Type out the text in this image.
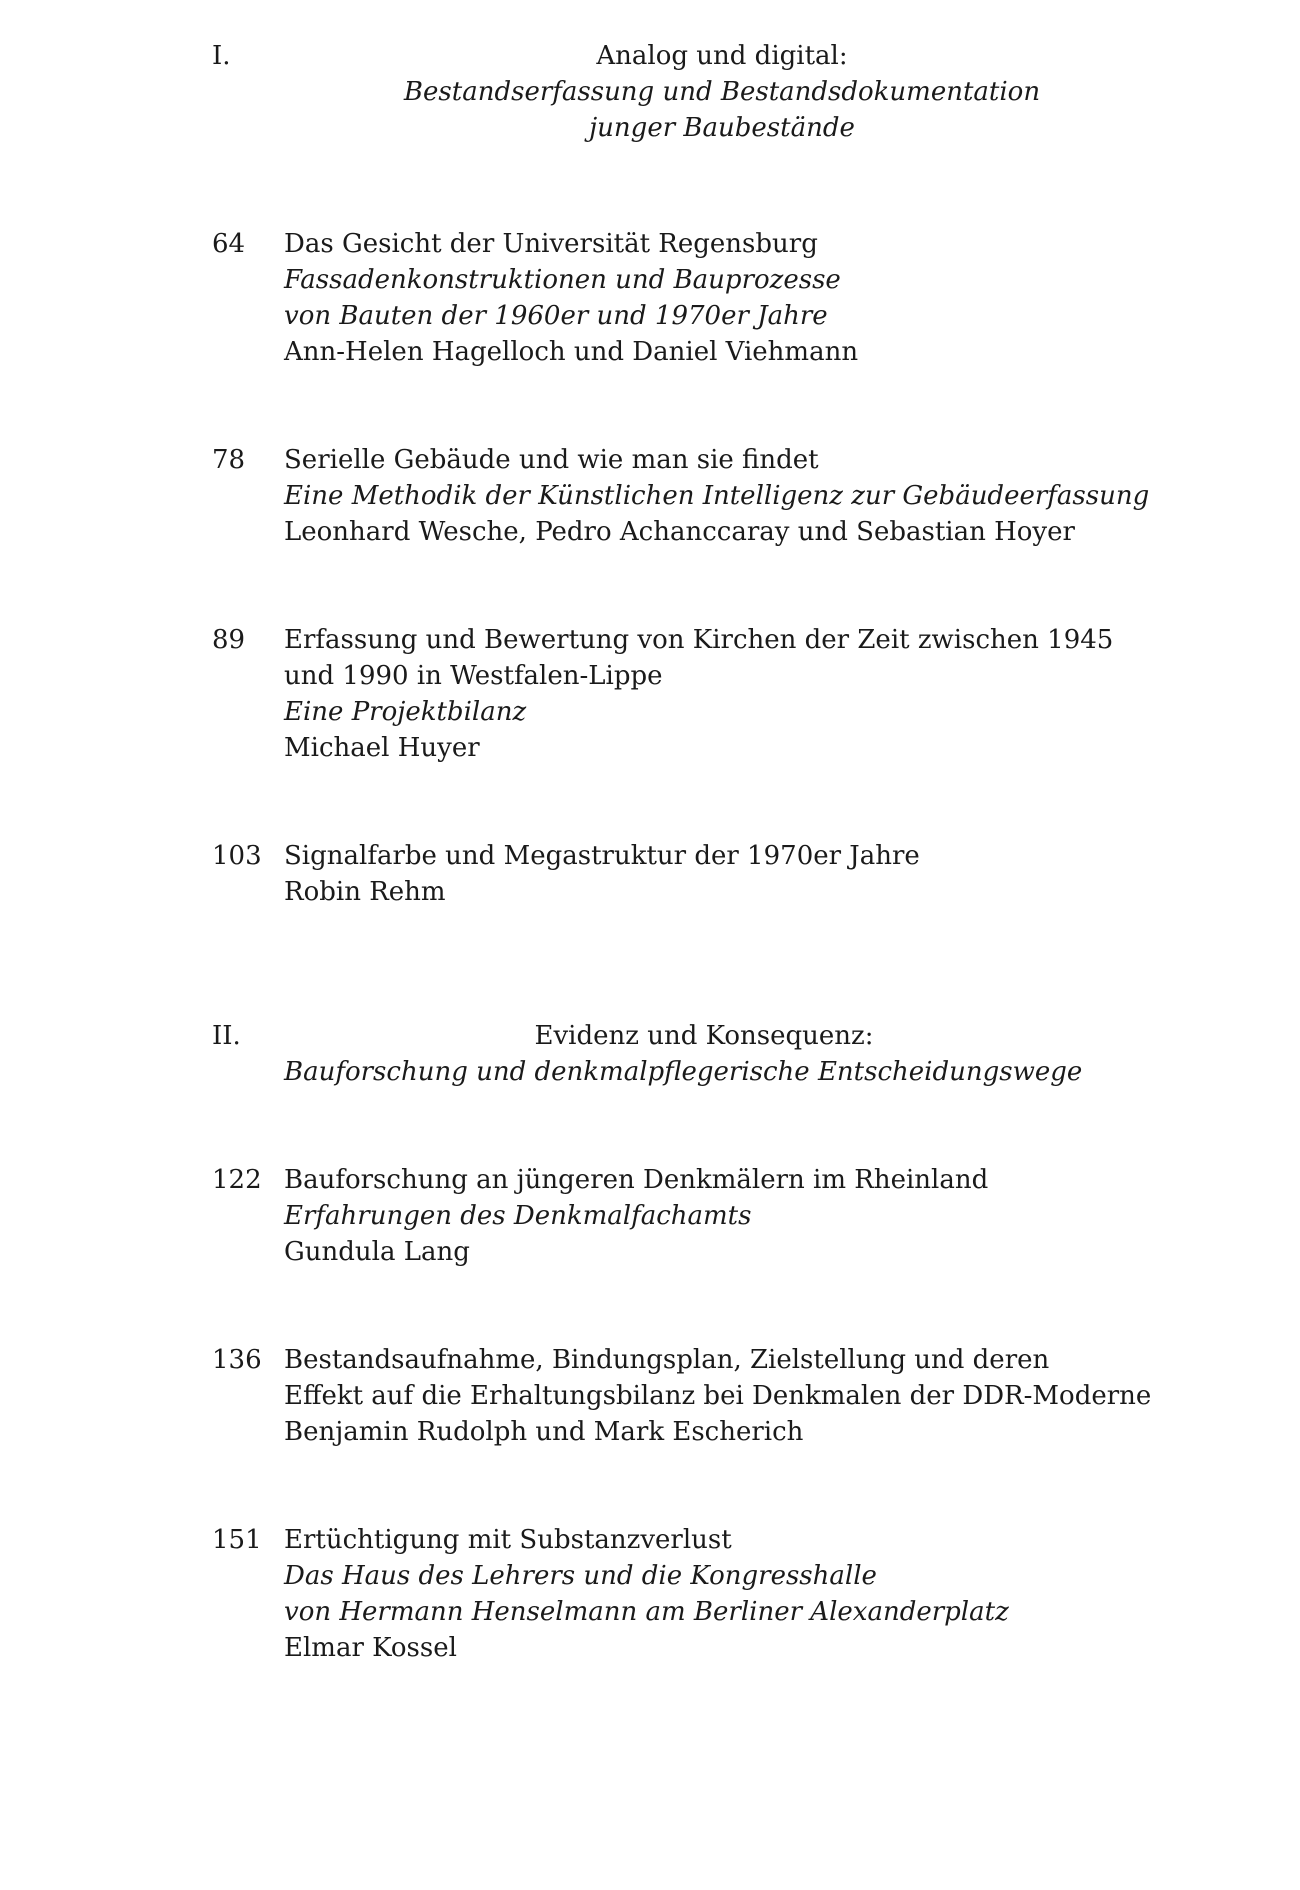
I.	Analog und digital:
Bestandserfassung und Bestandsdokumentation
junger Baubestände
64 Das Gesicht der Universität Regensburg
Fassadenkonstruktionen und Bauprozesse
von Bauten der 1960er und 1970er Jahre
Ann-Helen Hagelloch und Daniel Viehmann
78 Serielle Gebäude und wie man sie findet
Eine Methodik der Künstlichen Intelligenz zur Gebäudeerfassung
Leonhard Wesche, Pedro Achanccaray und Sebastian Hoyer
89 Erfassung und Bewertung von Kirchen der Zeit zwischen 1945
und 1990 in Westfalen-Lippe
Eine Projektbilanz
Michael Huyer
103 Signalfarbe und Megastruktur der 1970er Jahre
Robin Rehm
II.	Evidenz und Konsequenz:
Bauforschung und denkmalpflegerische Entscheidungswege
122 Bauforschung an jüngeren Denkmälern im Rheinland
Erfahrungen des Denkmalfachamts
Gundula Lang
136 Bestandsaufnahme, Bindungsplan, Zielstellung und deren
Effekt auf die Erhaltungsbilanz bei Denkmalen der DDR-Moderne
Benjamin Rudolph und Mark Escherich
151 Ertüchtigung mit Substanzverlust
Das Haus des Lehrers und die Kongresshalle
von Hermann Henselmann am Berliner Alexanderplatz
Elmar Kossel
